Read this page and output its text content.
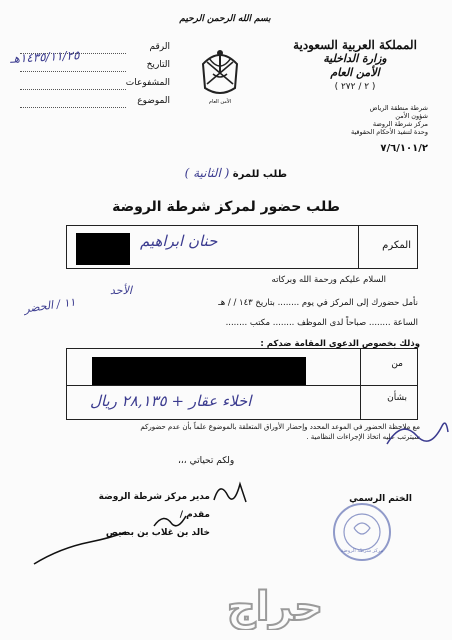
بسم الله الرحمن الرحيم
المملكة العربية السعودية
وزارة الداخلية
الأمن العام
( ٢ / ٢٧٢ )
شرطة منطقة الرياض
شؤون الأمن
مركز شرطة الروضة
وحدة لتنفيذ الأحكام الحقوقية
٧/٦/١٠١/٢
الأمن العام
الرقم
التاريخ
المشفوعات
الموضوع
١٤٣٥/١١/٢٥هـ
طلب للمرة ( الثانية )
طلب حضور لمركز شرطة الروضة
المكرم
حنان ابراهيم
السلام عليكم ورحمة الله وبركاته
الأحد
نأمل حضورك إلى المركز في يوم ........ بتاريخ ١٤٣ / / هـ
الساعة ........ صباحاً لدى الموظف ........ مكتب ........
١١ / الحضر
وذلك بخصوص الدعوى المقامة ضدكم :
من
بشأن
اخلاء عقار + ٢٨,١٣٥ ريال
مع ملاحظة الحضور في الموعد المحدد وإحضار الأوراق المتعلقة بالموضوع علماً بأن عدم حضوركم
سيترتب عليه اتخاذ الإجراءات النظامية .
ولكم تحياتي ،،،
مدير مركز شرطة الروضة
مقدم /
خالد بن غلاب بن بصيص
الختم الرسمي
مركز شرطة الروضة
حراج
